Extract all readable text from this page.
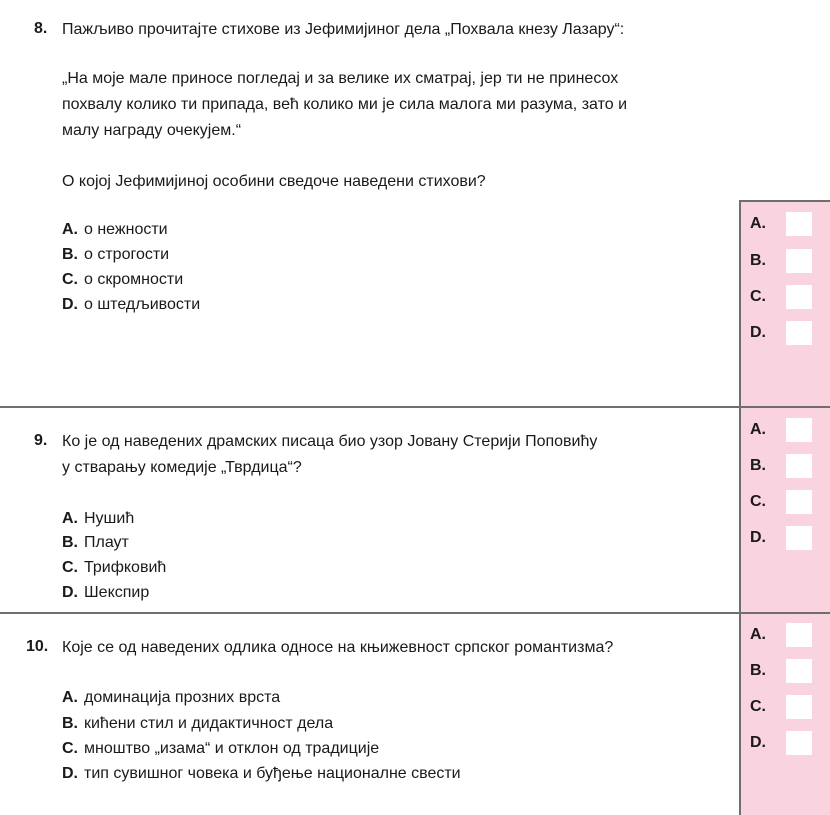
A.
B.
C.
D.
A.
B.
C.
D.
A.
B.
C.
D.
8. Пажљиво прочитајте стихове из Јефимијиног дела „Похвала кнезу Лазару“:
„На моје мале приносе погледај и за велике их сматрај, јер ти не принесох
похвалу колико ти припада, већ колико ми је сила малога ми разума, зато и
малу награду очекујем.“
О којој Јефимијиној особини сведоче наведени стихови?
A. о нежности
B. о строгости
C. о скромности
D. о штедљивости
9. Ко је од наведених драмских писаца био узор Јовану Стерији Поповићу
у стварању комедије „Тврдица“?
A. Нушић
B. Плаут
C. Трифковић
D. Шекспир
10. Које се од наведених одлика односе на књижевност српског романтизма?
A. доминација прозних врста
B. кићени стил и дидактичност дела
C. мноштво „изама“ и отклон од традиције
D. тип сувишног човека и буђење националне свести
